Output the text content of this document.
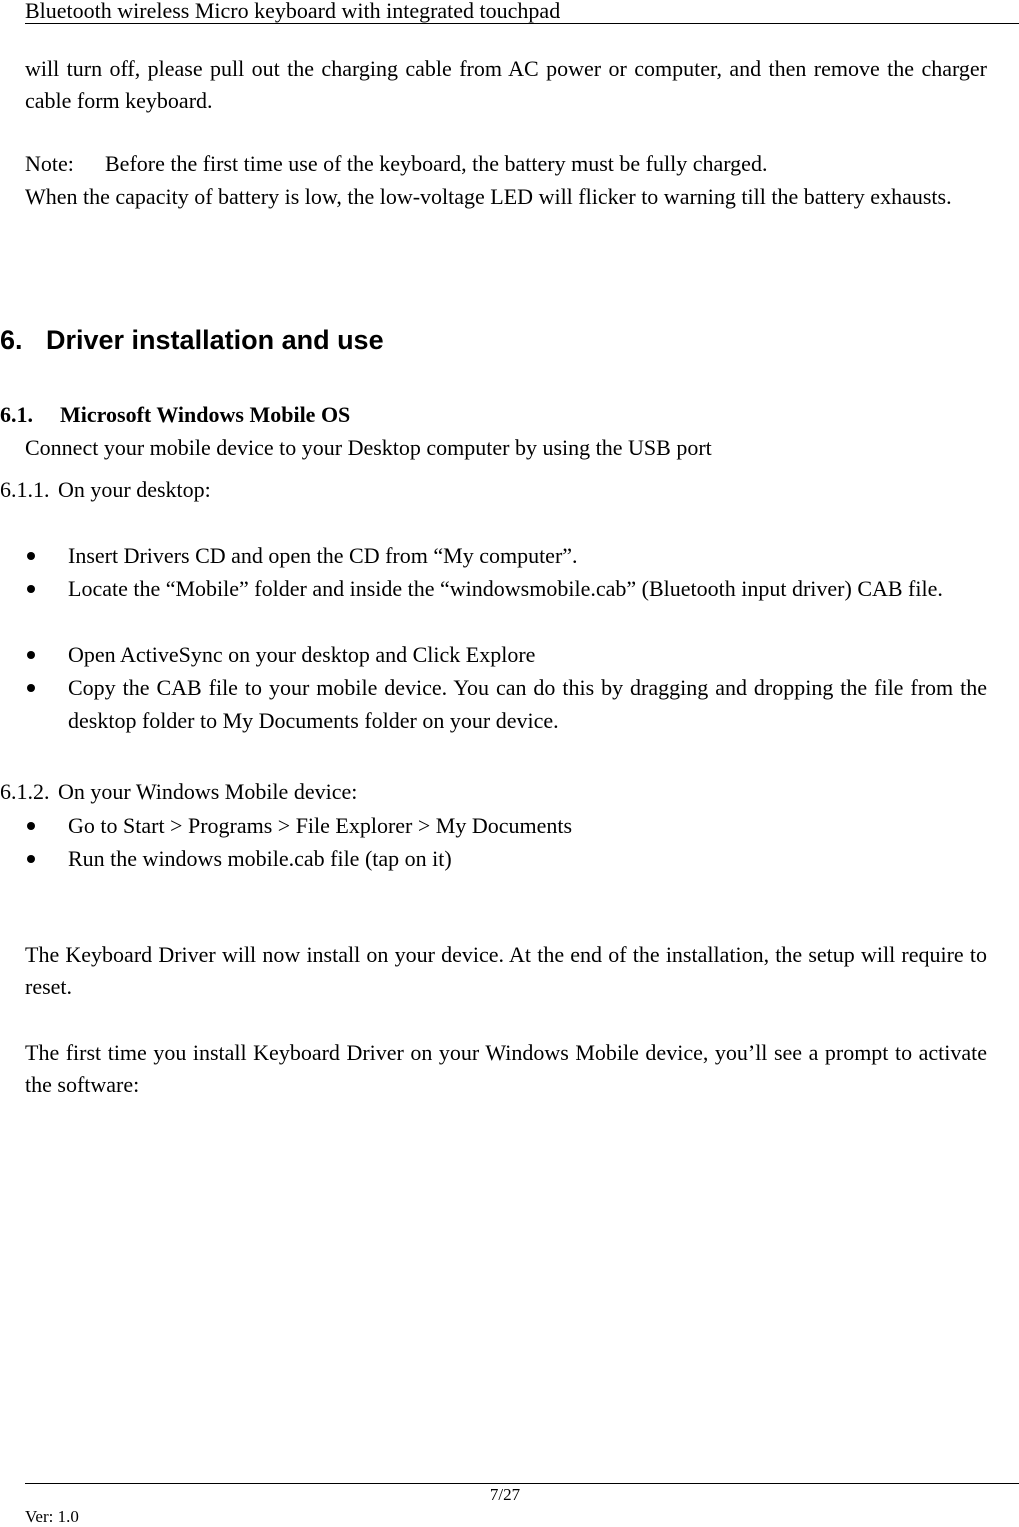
Bluetooth wireless Micro keyboard with integrated touchpad
will turn off, please pull out the charging cable from AC power or computer, and then remove the charger cable form keyboard.
Note: Before the first time use of the keyboard, the battery must be fully charged.
When the capacity of battery is low, the low-voltage LED will flicker to warning till the battery exhausts.
6. Driver installation and use
6.1. Microsoft Windows Mobile OS
Connect your mobile device to your Desktop computer by using the USB port
6.1.1. On your desktop:
Insert Drivers CD and open the CD from “My computer”.
Locate the “Mobile” folder and inside the “windowsmobile.cab” (Bluetooth input driver) CAB file.
Open ActiveSync on your desktop and Click Explore
Copy the CAB file to your mobile device. You can do this by dragging and dropping the file from the desktop folder to My Documents folder on your device.
6.1.2. On your Windows Mobile device:
Go to Start > Programs > File Explorer > My Documents
Run the windows mobile.cab file (tap on it)
The Keyboard Driver will now install on your device. At the end of the installation, the setup will require to reset.
The first time you install Keyboard Driver on your Windows Mobile device, you’ll see a prompt to activate the software:
7/27
Ver: 1.0
